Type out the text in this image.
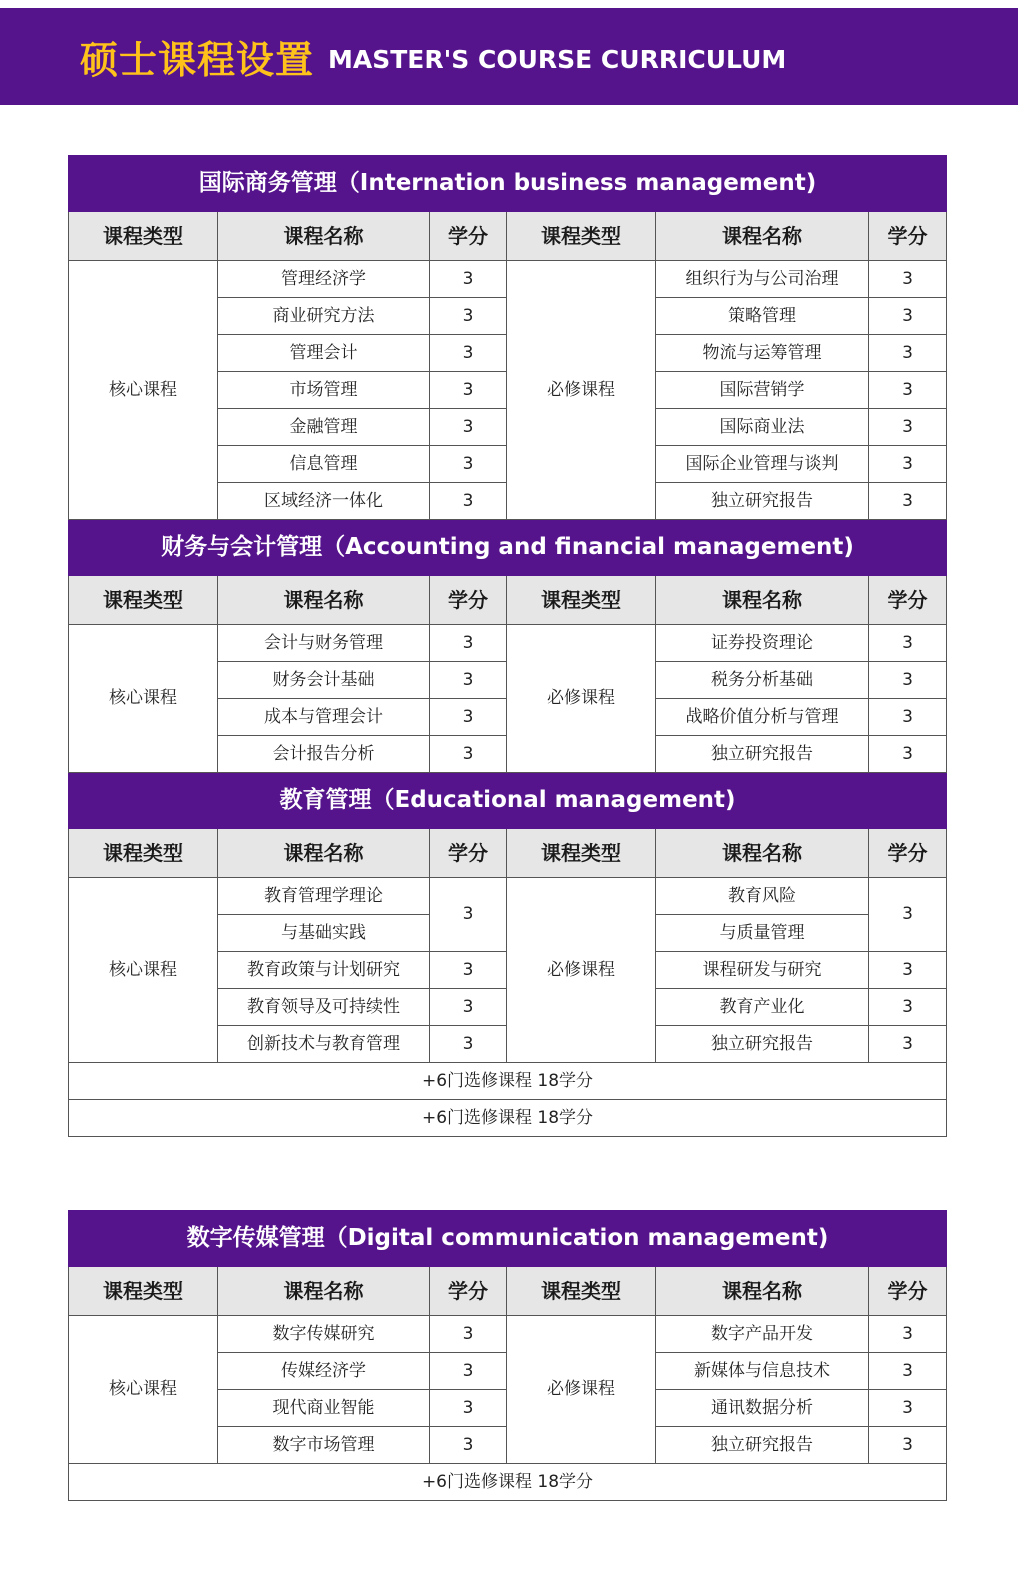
硕士课程设置 MASTER'S COURSE CURRICULUM
国际商务管理（Internation business management)					
课程类型	课程名称	学分	课程类型	课程名称	学分
核心课程	管理经济学	3	必修课程	组织行为与公司治理	3
	商业研究方法	3		策略管理	3
	管理会计	3		物流与运筹管理	3
	市场管理	3		国际营销学	3
	金融管理	3		国际商业法	3
	信息管理	3		国际企业管理与谈判	3
	区域经济一体化	3		独立研究报告	3
财务与会计管理（Accounting and financial management)					
课程类型	课程名称	学分	课程类型	课程名称	学分
核心课程	会计与财务管理	3	必修课程	证券投资理论	3
	财务会计基础	3		税务分析基础	3
	成本与管理会计	3		战略价值分析与管理	3
	会计报告分析	3		独立研究报告	3
教育管理（Educational management)					
课程类型	课程名称	学分	课程类型	课程名称	学分
核心课程	教育管理学理论	3	必修课程	教育风险	3
	与基础实践			与质量管理	
	教育政策与计划研究	3		课程研发与研究	3
	教育领导及可持续性	3		教育产业化	3
	创新技术与教育管理	3		独立研究报告	3
+6门选修课程 18学分					
+6门选修课程 18学分					
数字传媒管理（Digital communication management)					
课程类型	课程名称	学分	课程类型	课程名称	学分
核心课程	数字传媒研究	3	必修课程	数字产品开发	3
	传媒经济学	3		新媒体与信息技术	3
	现代商业智能	3		通讯数据分析	3
	数字市场管理	3		独立研究报告	3
+6门选修课程 18学分					
